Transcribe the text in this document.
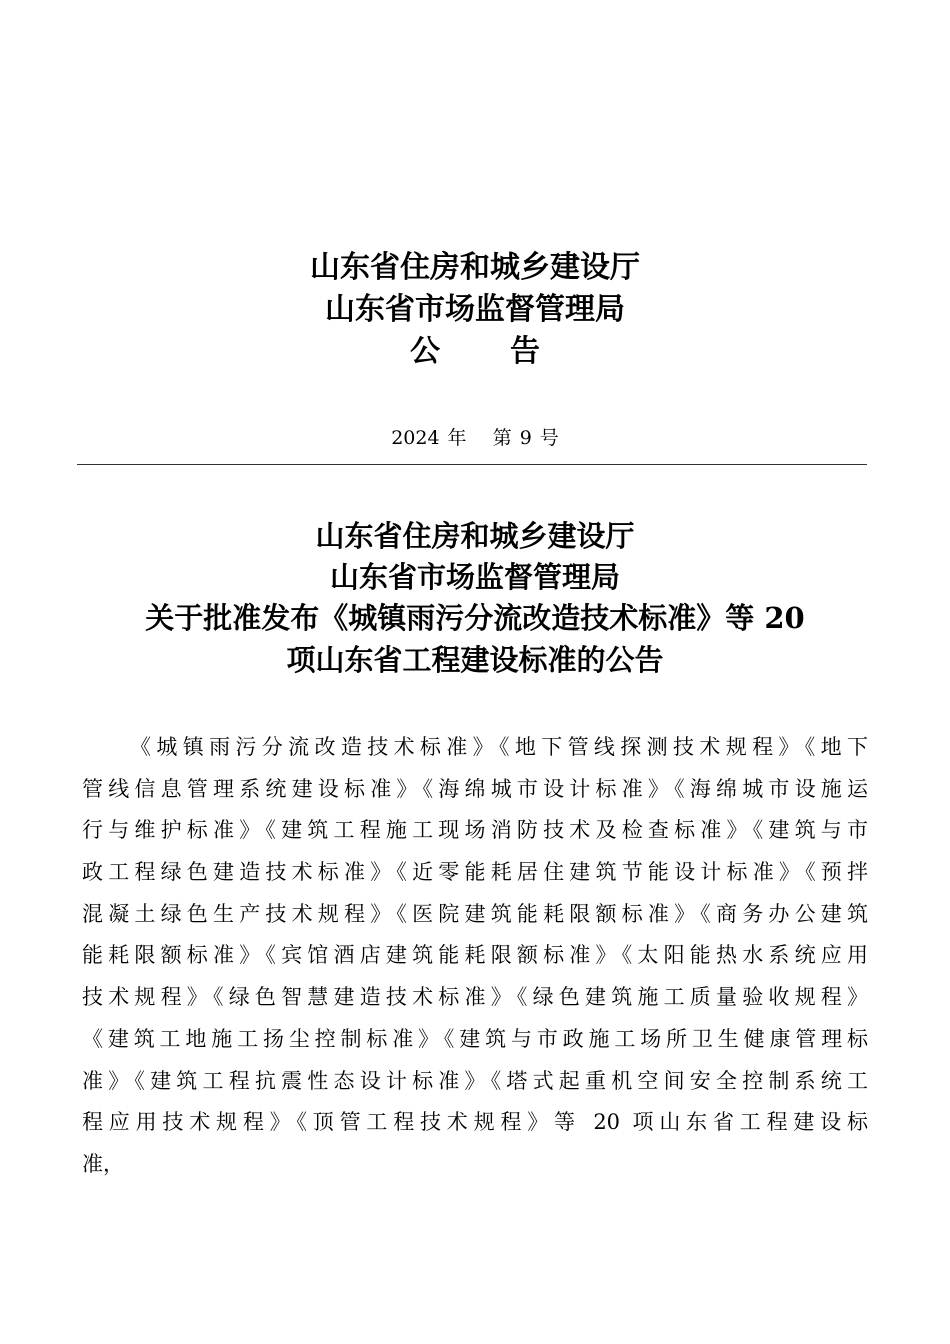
山东省住房和城乡建设厅
山东省市场监督管理局
公 告
2024 年 第 9 号
山东省住房和城乡建设厅
山东省市场监督管理局
关于批准发布《城镇雨污分流改造技术标准》等 20
项山东省工程建设标准的公告
《城镇雨污分流改造技术标准》《地下管线探测技术规程》《地下
管线信息管理系统建设标准》《海绵城市设计标准》《海绵城市设施运
行与维护标准》《建筑工程施工现场消防技术及检查标准》《建筑与市
政工程绿色建造技术标准》《近零能耗居住建筑节能设计标准》《预拌
混凝土绿色生产技术规程》《医院建筑能耗限额标准》《商务办公建筑
能耗限额标准》《宾馆酒店建筑能耗限额标准》《太阳能热水系统应用
技术规程》《绿色智慧建造技术标准》《绿色建筑施工质量验收规程》
《建筑工地施工扬尘控制标准》《建筑与市政施工场所卫生健康管理标
准》《建筑工程抗震性态设计标准》《塔式起重机空间安全控制系统工
程应用技术规程》《顶管工程技术规程》等 20 项山东省工程建设标
准，
